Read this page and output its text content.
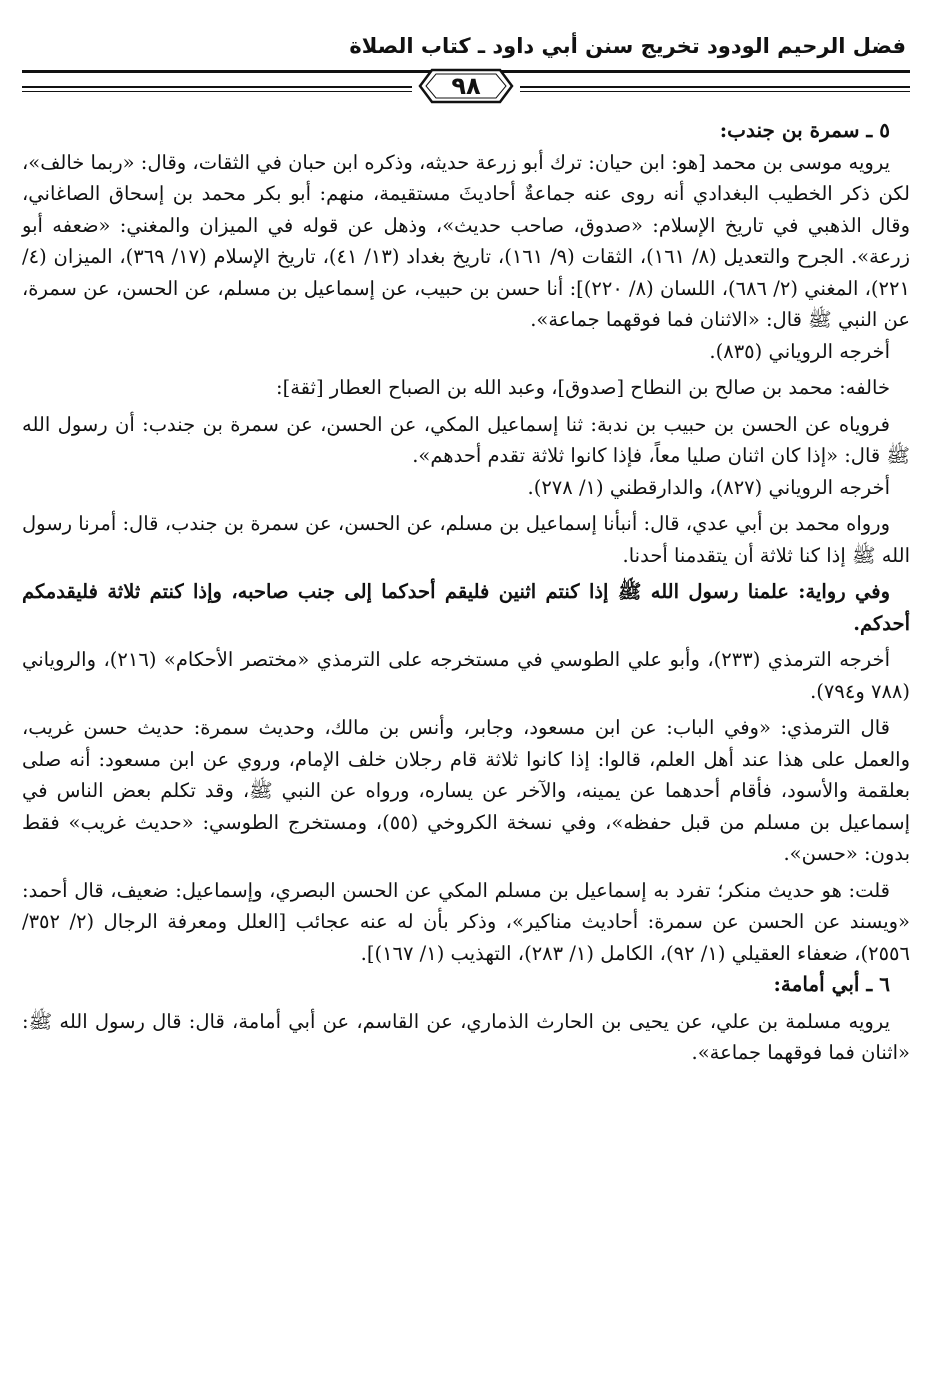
فضل الرحيم الودود تخريج سنن أبي داود ـ كتاب الصلاة
٩٨

٥ ـ سمرة بن جندب:

يرويه موسى بن محمد [هو: ابن حيان: ترك أبو زرعة حديثه، وذكره ابن حبان في الثقات، وقال: «ربما خالف»، لكن ذكر الخطيب البغدادي أنه روى عنه جماعةٌ أحاديثَ مستقيمة، منهم: أبو بكر محمد بن إسحاق الصاغاني، وقال الذهبي في تاريخ الإسلام: «صدوق، صاحب حديث»، وذهل عن قوله في الميزان والمغني: «ضعفه أبو زرعة». الجرح والتعديل (٨/ ١٦١)، الثقات (٩/ ١٦١)، تاريخ بغداد (١٣/ ٤١)، تاريخ الإسلام (١٧/ ٣٦٩)، الميزان (٤/ ٢٢١)، المغني (٢/ ٦٨٦)، اللسان (٨/ ٢٢٠)]: أنا حسن بن حبيب، عن إسماعيل بن مسلم، عن الحسن، عن سمرة، عن النبي ﷺ قال: «الاثنان فما فوقهما جماعة».

أخرجه الروياني (٨٣٥).

خالفه: محمد بن صالح بن النطاح [صدوق]، وعبد الله بن الصباح العطار [ثقة]:

فروياه عن الحسن بن حبيب بن ندبة: ثنا إسماعيل المكي، عن الحسن، عن سمرة بن جندب: أن رسول الله ﷺ قال: «إذا كان اثنان صليا معاً، فإذا كانوا ثلاثة تقدم أحدهم».

أخرجه الروياني (٨٢٧)، والدارقطني (١/ ٢٧٨).

ورواه محمد بن أبي عدي، قال: أنبأنا إسماعيل بن مسلم، عن الحسن، عن سمرة بن جندب، قال: أمرنا رسول الله ﷺ إذا كنا ثلاثة أن يتقدمنا أحدنا.

وفي رواية: علمنا رسول الله ﷺ إذا كنتم اثنين فليقم أحدكما إلى جنب صاحبه، وإذا كنتم ثلاثة فليقدمكم أحدكم.

أخرجه الترمذي (٢٣٣)، وأبو علي الطوسي في مستخرجه على الترمذي «مختصر الأحكام» (٢١٦)، والروياني (٧٨٨ و٧٩٤).

قال الترمذي: «وفي الباب: عن ابن مسعود، وجابر، وأنس بن مالك، وحديث سمرة: حديث حسن غريب، والعمل على هذا عند أهل العلم، قالوا: إذا كانوا ثلاثة قام رجلان خلف الإمام، وروي عن ابن مسعود: أنه صلى بعلقمة والأسود، فأقام أحدهما عن يمينه، والآخر عن يساره، ورواه عن النبي ﷺ، وقد تكلم بعض الناس في إسماعيل بن مسلم من قبل حفظه»، وفي نسخة الكروخي (٥٥)، ومستخرج الطوسي: «حديث غريب» فقط بدون: «حسن».

قلت: هو حديث منكر؛ تفرد به إسماعيل بن مسلم المكي عن الحسن البصري، وإسماعيل: ضعيف، قال أحمد: «ويسند عن الحسن عن سمرة: أحاديث مناكير»، وذكر بأن له عنه عجائب [العلل ومعرفة الرجال (٢/ ٣٥٢/ ٢٥٥٦)، ضعفاء العقيلي (١/ ٩٢)، الكامل (١/ ٢٨٣)، التهذيب (١/ ١٦٧)].

٦ ـ أبي أمامة:

يرويه مسلمة بن علي، عن يحيى بن الحارث الذماري، عن القاسم، عن أبي أمامة، قال: قال رسول الله ﷺ: «اثنان فما فوقهما جماعة».
